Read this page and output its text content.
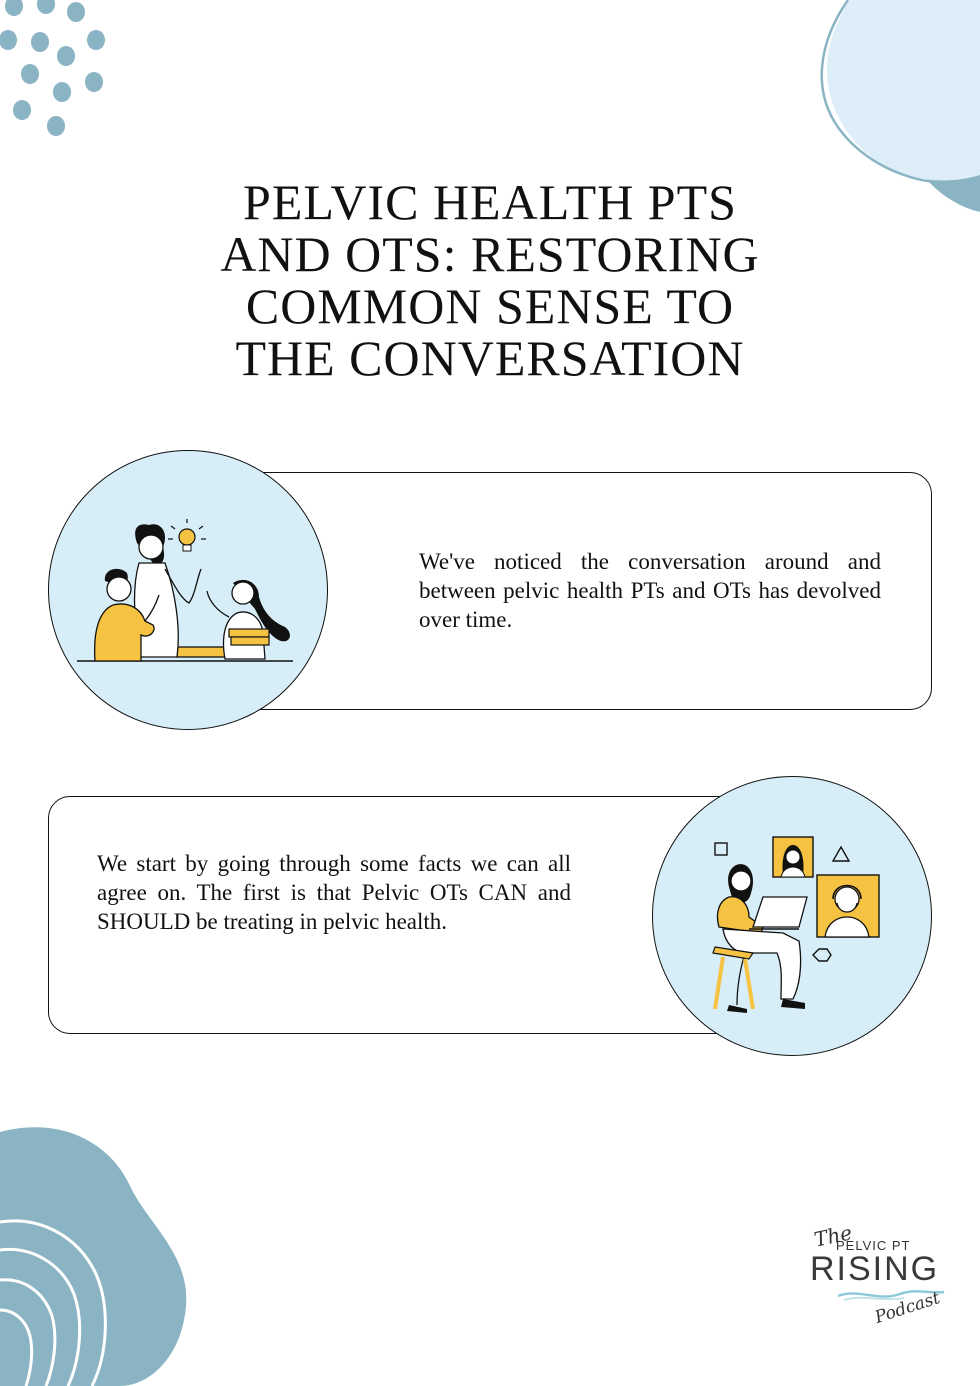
PELVIC HEALTH PTS
AND OTS: RESTORING
COMMON SENSE TO
THE CONVERSATION

We've noticed the conversation around and between pelvic health PTs and OTs has devolved over time.

We start by going through some facts we can all agree on. The first is that Pelvic OTs CAN and SHOULD be treating in pelvic health.

The
PELVIC PT
RISING
Podcast
